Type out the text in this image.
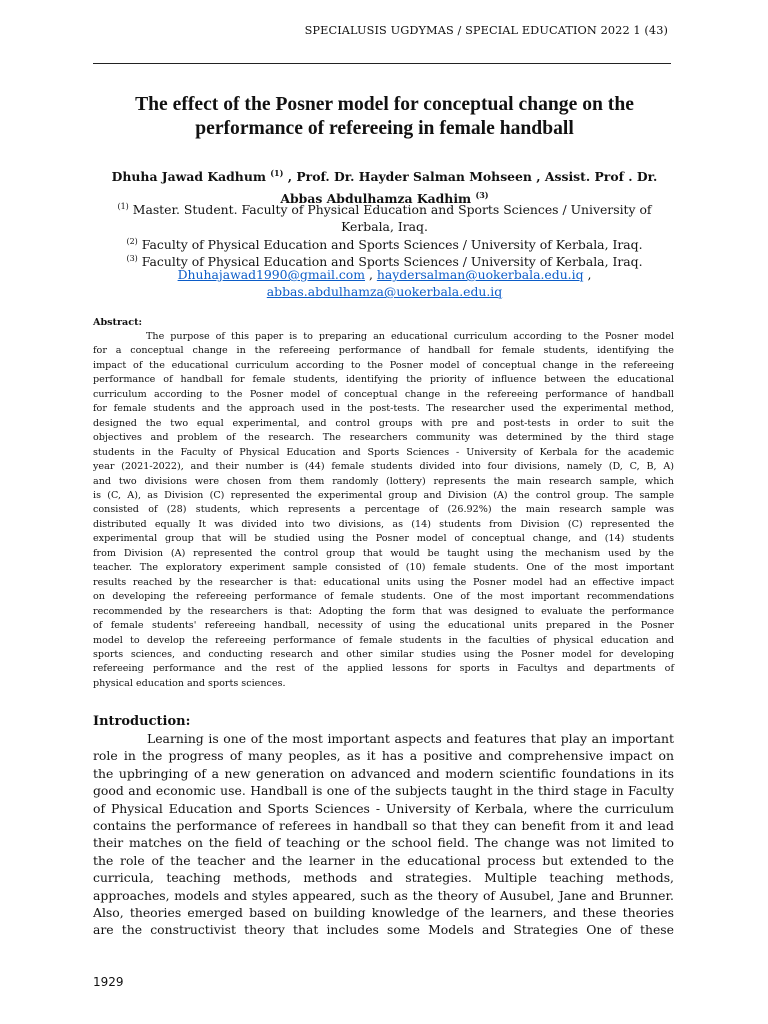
SPECIALUSIS UGDYMAS / SPECIAL EDUCATION 2022 1 (43)
The effect of the Posner model for conceptual change on the
performance of refereeing in female handball
Dhuha Jawad Kadhum $^{(1)}$ , Prof. Dr. Hayder Salman Mohseen , Assist. Prof . Dr.
Abbas Abdulhamza Kadhim $^{(3)}$
$^{(1)}$ Master. Student. Faculty of Physical Education and Sports Sciences / University of
Kerbala, Iraq.
$^{(2)}$ Faculty of Physical Education and Sports Sciences / University of Kerbala, Iraq.
$^{(3)}$ Faculty of Physical Education and Sports Sciences / University of Kerbala, Iraq.
Dhuhajawad1990@gmail.com , haydersalman@uokerbala.edu.iq ,
abbas.abdulhamza@uokerbala.edu.iq
Abstract:
The purpose of this paper is to preparing an educational curriculum according to the Posner model
for a conceptual change in the refereeing performance of handball for female students, identifying the
impact of the educational curriculum according to the Posner model of conceptual change in the refereeing
performance of handball for female students, identifying the priority of influence between the educational
curriculum according to the Posner model of conceptual change in the refereeing performance of handball
for female students and the approach used in the post-tests. The researcher used the experimental method,
designed the two equal experimental, and control groups with pre and post-tests in order to suit the
objectives and problem of the research. The researchers community was determined by the third stage
students in the Faculty of Physical Education and Sports Sciences - University of Kerbala for the academic
year (2021-2022), and their number is (44) female students divided into four divisions, namely (D, C, B, A)
and two divisions were chosen from them randomly (lottery) represents the main research sample, which
is (C, A), as Division (C) represented the experimental group and Division (A) the control group. The sample
consisted of (28) students, which represents a percentage of (26.92%) the main research sample was
distributed equally It was divided into two divisions, as (14) students from Division (C) represented the
experimental group that will be studied using the Posner model of conceptual change, and (14) students
from Division (A) represented the control group that would be taught using the mechanism used by the
teacher. The exploratory experiment sample consisted of (10) female students. One of the most important
results reached by the researcher is that: educational units using the Posner model had an effective impact
on developing the refereeing performance of female students. One of the most important recommendations
recommended by the researchers is that: Adopting the form that was designed to evaluate the performance
of female students' refereeing handball, necessity of using the educational units prepared in the Posner
model to develop the refereeing performance of female students in the faculties of physical education and
sports sciences, and conducting research and other similar studies using the Posner model for developing
refereeing performance and the rest of the applied lessons for sports in Facultys and departments of
physical education and sports sciences.
Introduction:
Learning is one of the most important aspects and features that play an important
role in the progress of many peoples, as it has a positive and comprehensive impact on
the upbringing of a new generation on advanced and modern scientific foundations in its
good and economic use. Handball is one of the subjects taught in the third stage in Faculty
of Physical Education and Sports Sciences - University of Kerbala, where the curriculum
contains the performance of referees in handball so that they can benefit from it and lead
their matches on the field of teaching or the school field. The change was not limited to
the role of the teacher and the learner in the educational process but extended to the
curricula, teaching methods, methods and strategies. Multiple teaching methods,
approaches, models and styles appeared, such as the theory of Ausubel, Jane and Brunner.
Also, theories emerged based on building knowledge of the learners, and these theories
are the constructivist theory that includes some Models and Strategies One of these
1929
